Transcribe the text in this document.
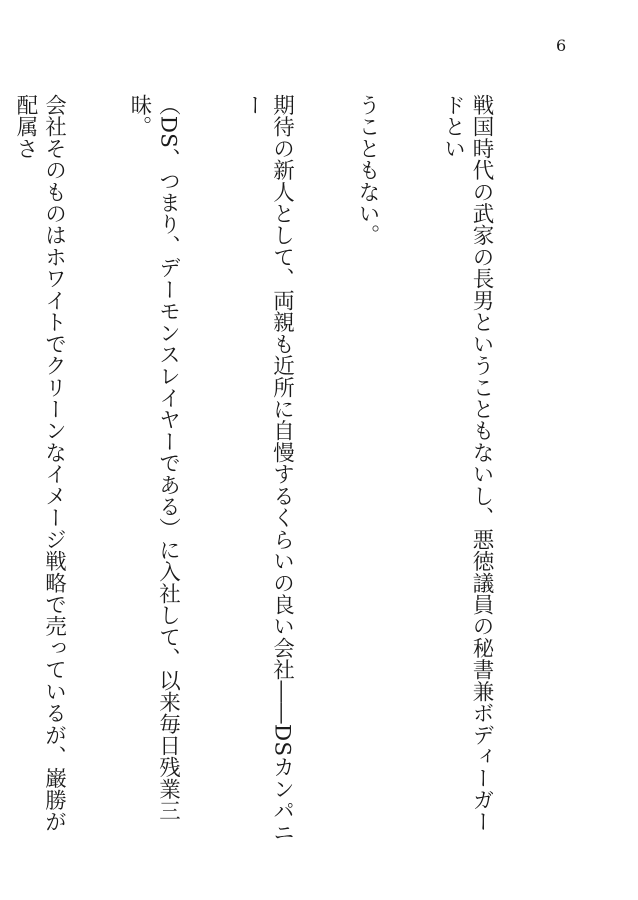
6

戦国時代の武家の長男ということもないし、悪徳議員の秘書兼ボディーガードとい

うこともない。

期待の新人として、両親も近所に自慢するくらいの良い会社――DSカンパニー

（DS、つまり、デーモンスレイヤーである）に入社して、以来毎日残業三昧。

会社そのものはホワイトでクリーンなイメージ戦略で売っているが、巌勝が配属さ
